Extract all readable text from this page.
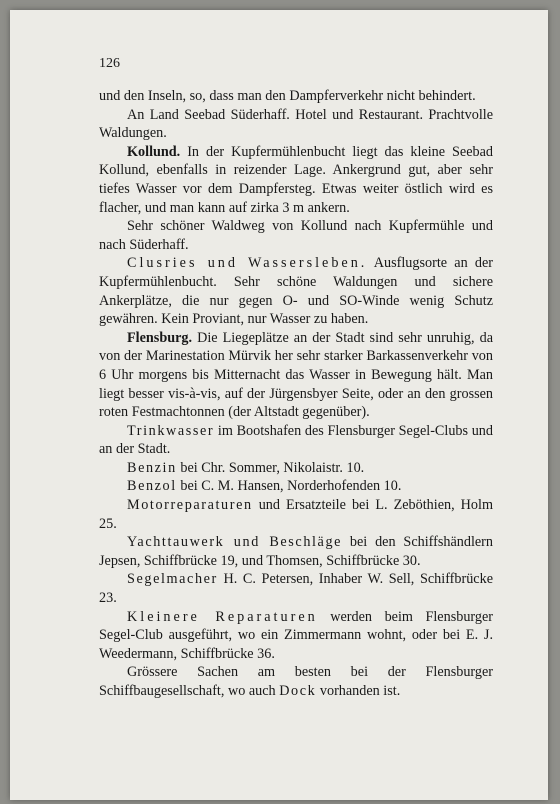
126

und den Inseln, so, dass man den Dampferverkehr nicht behindert.

An Land Seebad Süderhaff. Hotel und Restaurant. Prachtvolle Waldungen.

Kollund. In der Kupfermühlenbucht liegt das kleine Seebad Kollund, ebenfalls in reizender Lage. Ankergrund gut, aber sehr tiefes Wasser vor dem Dampfersteg. Etwas weiter östlich wird es flacher, und man kann auf zirka 3 m ankern.

Sehr schöner Waldweg von Kollund nach Kupfermühle und nach Süderhaff.

Clusries und Wassersleben. Ausflugsorte an der Kupfermühlenbucht. Sehr schöne Waldungen und sichere Ankerplätze, die nur gegen O- und SO-Winde wenig Schutz gewähren. Kein Proviant, nur Wasser zu haben.

Flensburg. Die Liegeplätze an der Stadt sind sehr unruhig, da von der Marinestation Mürvik her sehr starker Barkassenverkehr von 6 Uhr morgens bis Mitternacht das Wasser in Bewegung hält. Man liegt besser vis-à-vis, auf der Jürgensbyer Seite, oder an den grossen roten Festmachtonnen (der Altstadt gegenüber).

Trinkwasser im Bootshafen des Flensburger Segel-Clubs und an der Stadt.

Benzin bei Chr. Sommer, Nikolaistr. 10.

Benzol bei C. M. Hansen, Norderhofenden 10.

Motorreparaturen und Ersatzteile bei L. Zeböthien, Holm 25.

Yachttauwerk und Beschläge bei den Schiffshändlern Jepsen, Schiffbrücke 19, und Thomsen, Schiffbrücke 30.

Segelmacher H. C. Petersen, Inhaber W. Sell, Schiffbrücke 23.

Kleinere Reparaturen werden beim Flensburger Segel-Club ausgeführt, wo ein Zimmermann wohnt, oder bei E. J. Weedermann, Schiffbrücke 36.

Grössere Sachen am besten bei der Flensburger Schiffbaugesellschaft, wo auch Dock vorhanden ist.
